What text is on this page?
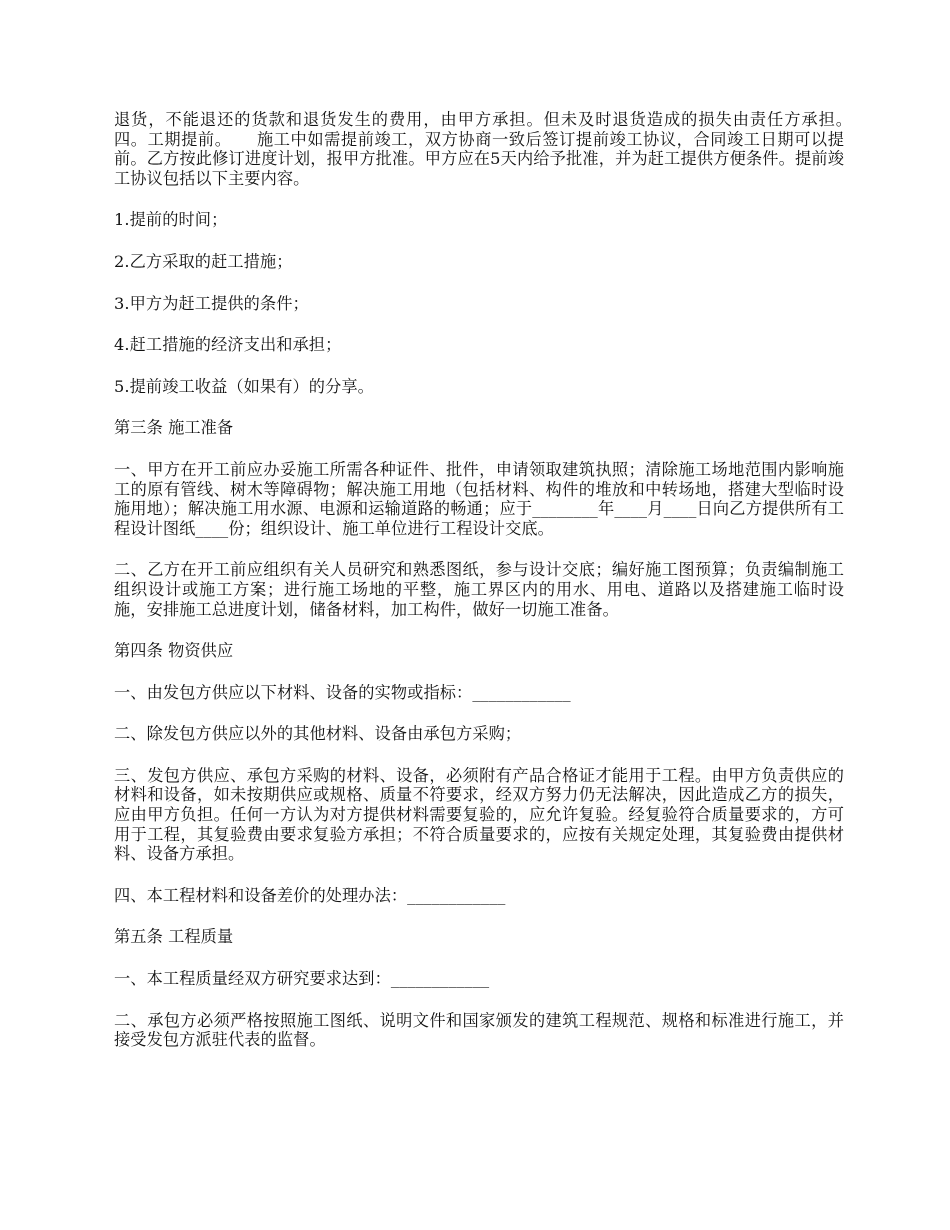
退货，不能退还的货款和退货发生的费用，由甲方承担。但未及时退货造成的损失由责任方承担。　　四。工期提前。　　施工中如需提前竣工，双方协商一致后签订提前竣工协议，合同竣工日期可以提前。乙方按此修订进度计划，报甲方批准。甲方应在5天内给予批准，并为赶工提供方便条件。提前竣工协议包括以下主要内容。

1.提前的时间；

2.乙方采取的赶工措施；

3.甲方为赶工提供的条件；

4.赶工措施的经济支出和承担；

5.提前竣工收益（如果有）的分享。

第三条 施工准备

一、甲方在开工前应办妥施工所需各种证件、批件，申请领取建筑执照；清除施工场地范围内影响施工的原有管线、树木等障碍物；解决施工用地（包括材料、构件的堆放和中转场地，搭建大型临时设施用地）；解决施工用水源、电源和运输道路的畅通；应于________年____月____日向乙方提供所有工程设计图纸____份；组织设计、施工单位进行工程设计交底。

二、乙方在开工前应组织有关人员研究和熟悉图纸，参与设计交底；编好施工图预算；负责编制施工组织设计或施工方案；进行施工场地的平整，施工界区内的用水、用电、道路以及搭建施工临时设施，安排施工总进度计划，储备材料，加工构件，做好一切施工准备。

第四条 物资供应

一、由发包方供应以下材料、设备的实物或指标：____________

二、除发包方供应以外的其他材料、设备由承包方采购；

三、发包方供应、承包方采购的材料、设备，必须附有产品合格证才能用于工程。由甲方负责供应的材料和设备，如未按期供应或规格、质量不符要求，经双方努力仍无法解决，因此造成乙方的损失，应由甲方负担。任何一方认为对方提供材料需要复验的，应允许复验。经复验符合质量要求的，方可用于工程，其复验费由要求复验方承担；不符合质量要求的，应按有关规定处理，其复验费由提供材料、设备方承担。

四、本工程材料和设备差价的处理办法：____________

第五条 工程质量

一、本工程质量经双方研究要求达到：____________

二、承包方必须严格按照施工图纸、说明文件和国家颁发的建筑工程规范、规格和标准进行施工，并接受发包方派驻代表的监督。
